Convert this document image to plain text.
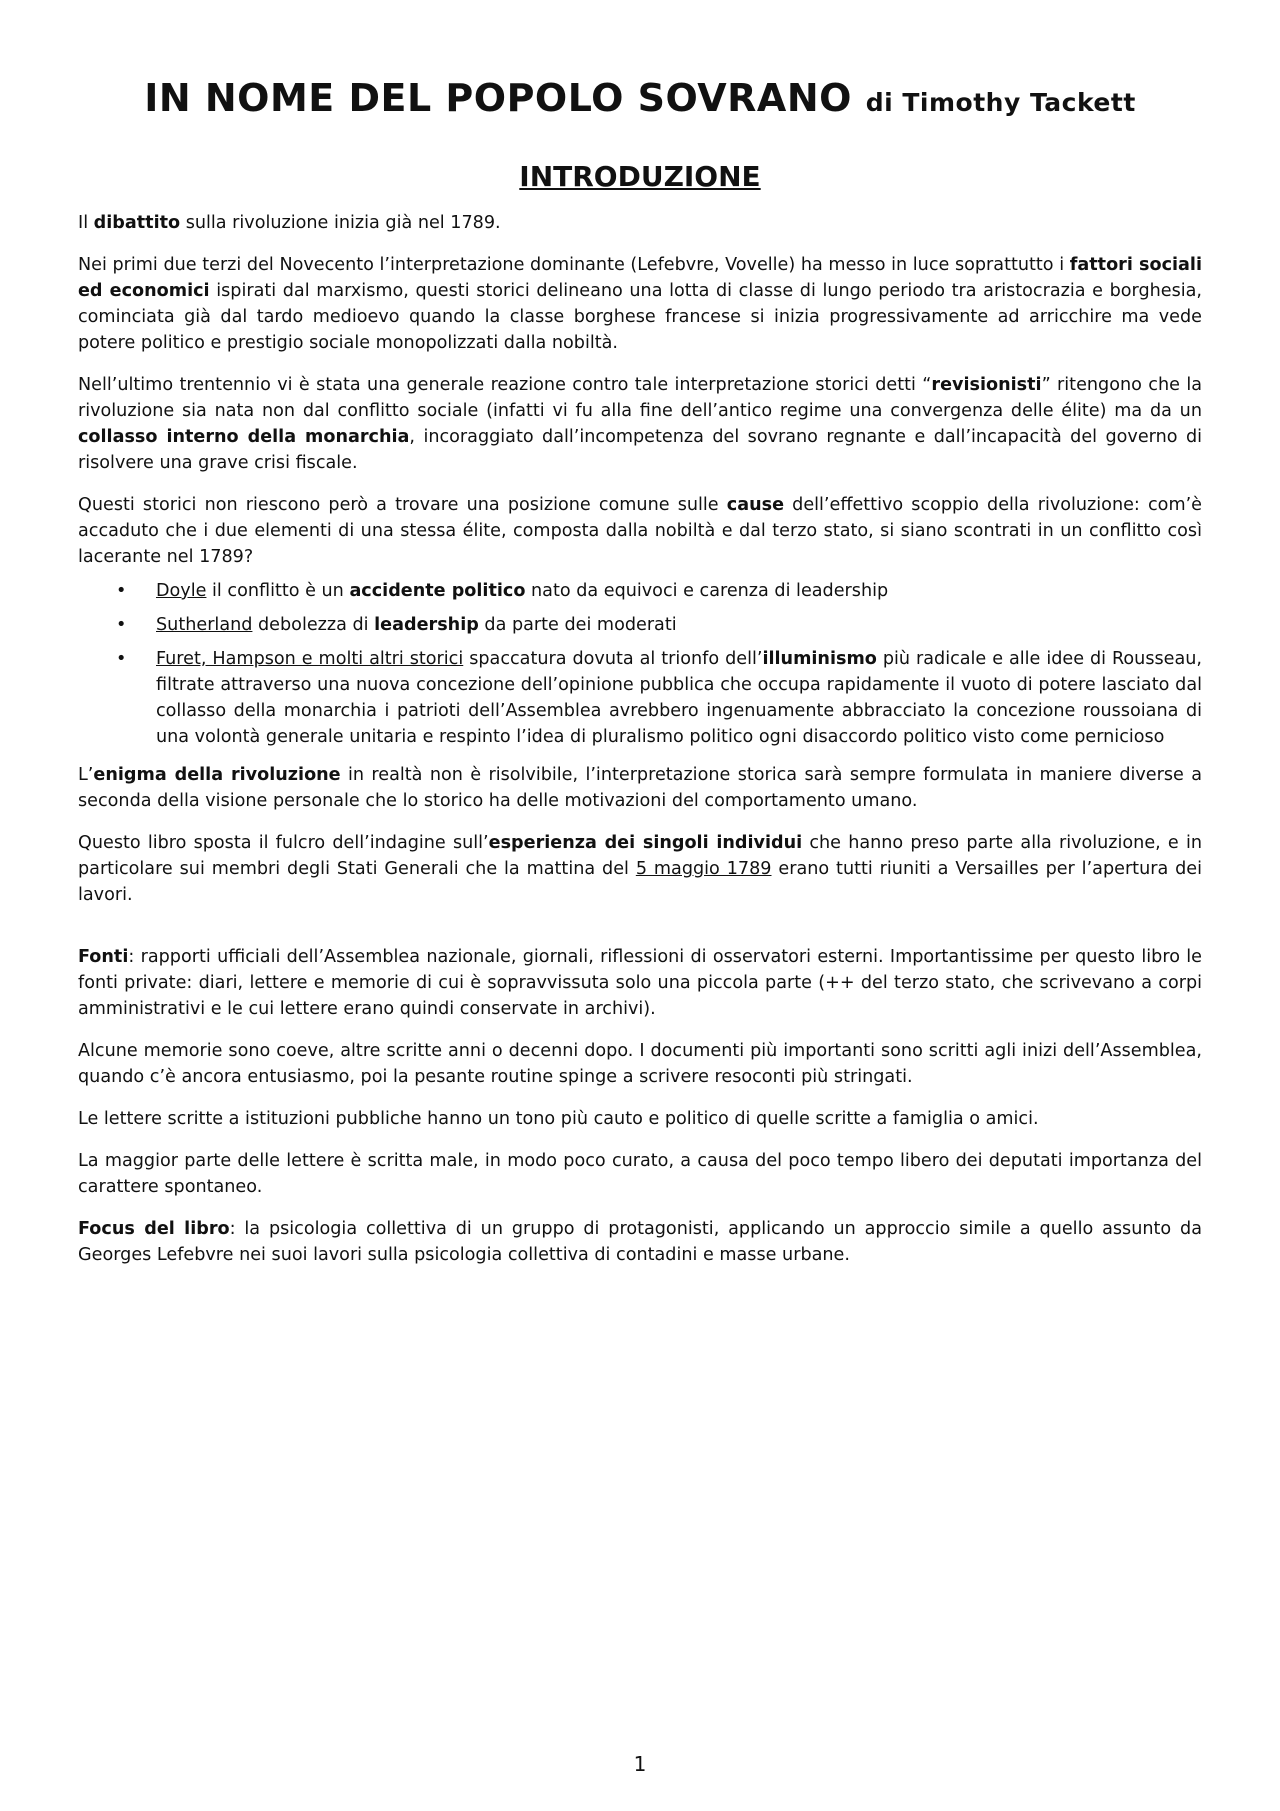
IN NOME DEL POPOLO SOVRANO di Timothy Tackett
INTRODUZIONE

Il dibattito sulla rivoluzione inizia già nel 1789.

Nei primi due terzi del Novecento l’interpretazione dominante (Lefebvre, Vovelle) ha messo in luce soprattutto i fattori sociali ed economici ispirati dal marxismo, questi storici delineano una lotta di classe di lungo periodo tra aristocrazia e borghesia, cominciata già dal tardo medioevo quando la classe borghese francese si inizia progressivamente ad arricchire ma vede potere politico e prestigio sociale monopolizzati dalla nobiltà.

Nell’ultimo trentennio vi è stata una generale reazione contro tale interpretazione storici detti “revisionisti” ritengono che la rivoluzione sia nata non dal conflitto sociale (infatti vi fu alla fine dell’antico regime una convergenza delle élite) ma da un collasso interno della monarchia, incoraggiato dall’incompetenza del sovrano regnante e dall’incapacità del governo di risolvere una grave crisi fiscale.

Questi storici non riescono però a trovare una posizione comune sulle cause dell’effettivo scoppio della rivoluzione: com’è accaduto che i due elementi di una stessa élite, composta dalla nobiltà e dal terzo stato, si siano scontrati in un conflitto così lacerante nel 1789?

• Doyle il conflitto è un accidente politico nato da equivoci e carenza di leadership
• Sutherland debolezza di leadership da parte dei moderati
• Furet, Hampson e molti altri storici spaccatura dovuta al trionfo dell’illuminismo più radicale e alle idee di Rousseau, filtrate attraverso una nuova concezione dell’opinione pubblica che occupa rapidamente il vuoto di potere lasciato dal collasso della monarchia i patrioti dell’Assemblea avrebbero ingenuamente abbracciato la concezione roussoiana di una volontà generale unitaria e respinto l’idea di pluralismo politico ogni disaccordo politico visto come pernicioso

L’enigma della rivoluzione in realtà non è risolvibile, l’interpretazione storica sarà sempre formulata in maniere diverse a seconda della visione personale che lo storico ha delle motivazioni del comportamento umano.

Questo libro sposta il fulcro dell’indagine sull’esperienza dei singoli individui che hanno preso parte alla rivoluzione, e in particolare sui membri degli Stati Generali che la mattina del 5 maggio 1789 erano tutti riuniti a Versailles per l’apertura dei lavori.

Fonti: rapporti ufficiali dell’Assemblea nazionale, giornali, riflessioni di osservatori esterni. Importantissime per questo libro le fonti private: diari, lettere e memorie di cui è sopravvissuta solo una piccola parte (++ del terzo stato, che scrivevano a corpi amministrativi e le cui lettere erano quindi conservate in archivi).

Alcune memorie sono coeve, altre scritte anni o decenni dopo. I documenti più importanti sono scritti agli inizi dell’Assemblea, quando c’è ancora entusiasmo, poi la pesante routine spinge a scrivere resoconti più stringati.

Le lettere scritte a istituzioni pubbliche hanno un tono più cauto e politico di quelle scritte a famiglia o amici.

La maggior parte delle lettere è scritta male, in modo poco curato, a causa del poco tempo libero dei deputati importanza del carattere spontaneo.

Focus del libro: la psicologia collettiva di un gruppo di protagonisti, applicando un approccio simile a quello assunto da Georges Lefebvre nei suoi lavori sulla psicologia collettiva di contadini e masse urbane.

1
